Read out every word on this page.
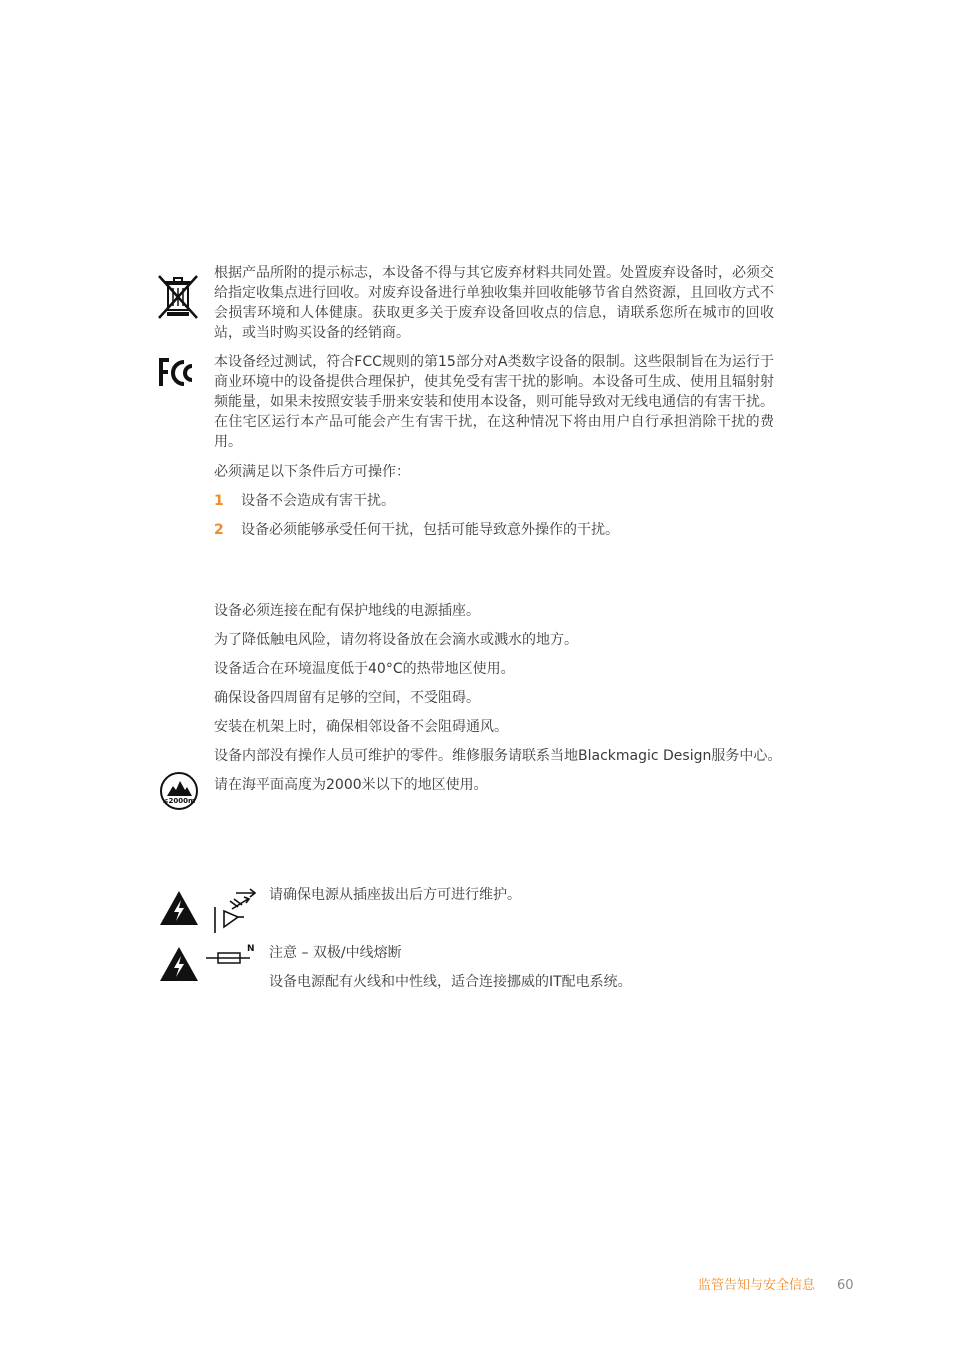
根据产品所附的提示标志，本设备不得与其它废弃材料共同处置。处置废弃设备时，必须交给指定收集点进行回收。对废弃设备进行单独收集并回收能够节省自然资源，且回收方式不会损害环境和人体健康。获取更多关于废弃设备回收点的信息，请联系您所在城市的回收站，或当时购买设备的经销商。

本设备经过测试，符合FCC规则的第15部分对A类数字设备的限制。这些限制旨在为运行于商业环境中的设备提供合理保护，使其免受有害干扰的影响。本设备可生成、使用且辐射射频能量，如果未按照安装手册来安装和使用本设备，则可能导致对无线电通信的有害干扰。在住宅区运行本产品可能会产生有害干扰，在这种情况下将由用户自行承担消除干扰的费用。

必须满足以下条件后方可操作：

1 设备不会造成有害干扰。
2 设备必须能够承受任何干扰，包括可能导致意外操作的干扰。

设备必须连接在配有保护地线的电源插座。

为了降低触电风险，请勿将设备放在会滴水或溅水的地方。

设备适合在环境温度低于40°C的热带地区使用。

确保设备四周留有足够的空间，不受阻碍。

安装在机架上时，确保相邻设备不会阻碍通风。

设备内部没有操作人员可维护的零件。维修服务请联系当地Blackmagic Design服务中心。

请在海平面高度为2000米以下的地区使用。

≤2000m

请确保电源从插座拔出后方可进行维护。

N 注意 – 双极/中线熔断

设备电源配有火线和中性线，适合连接挪威的IT配电系统。

监管告知与安全信息 60
